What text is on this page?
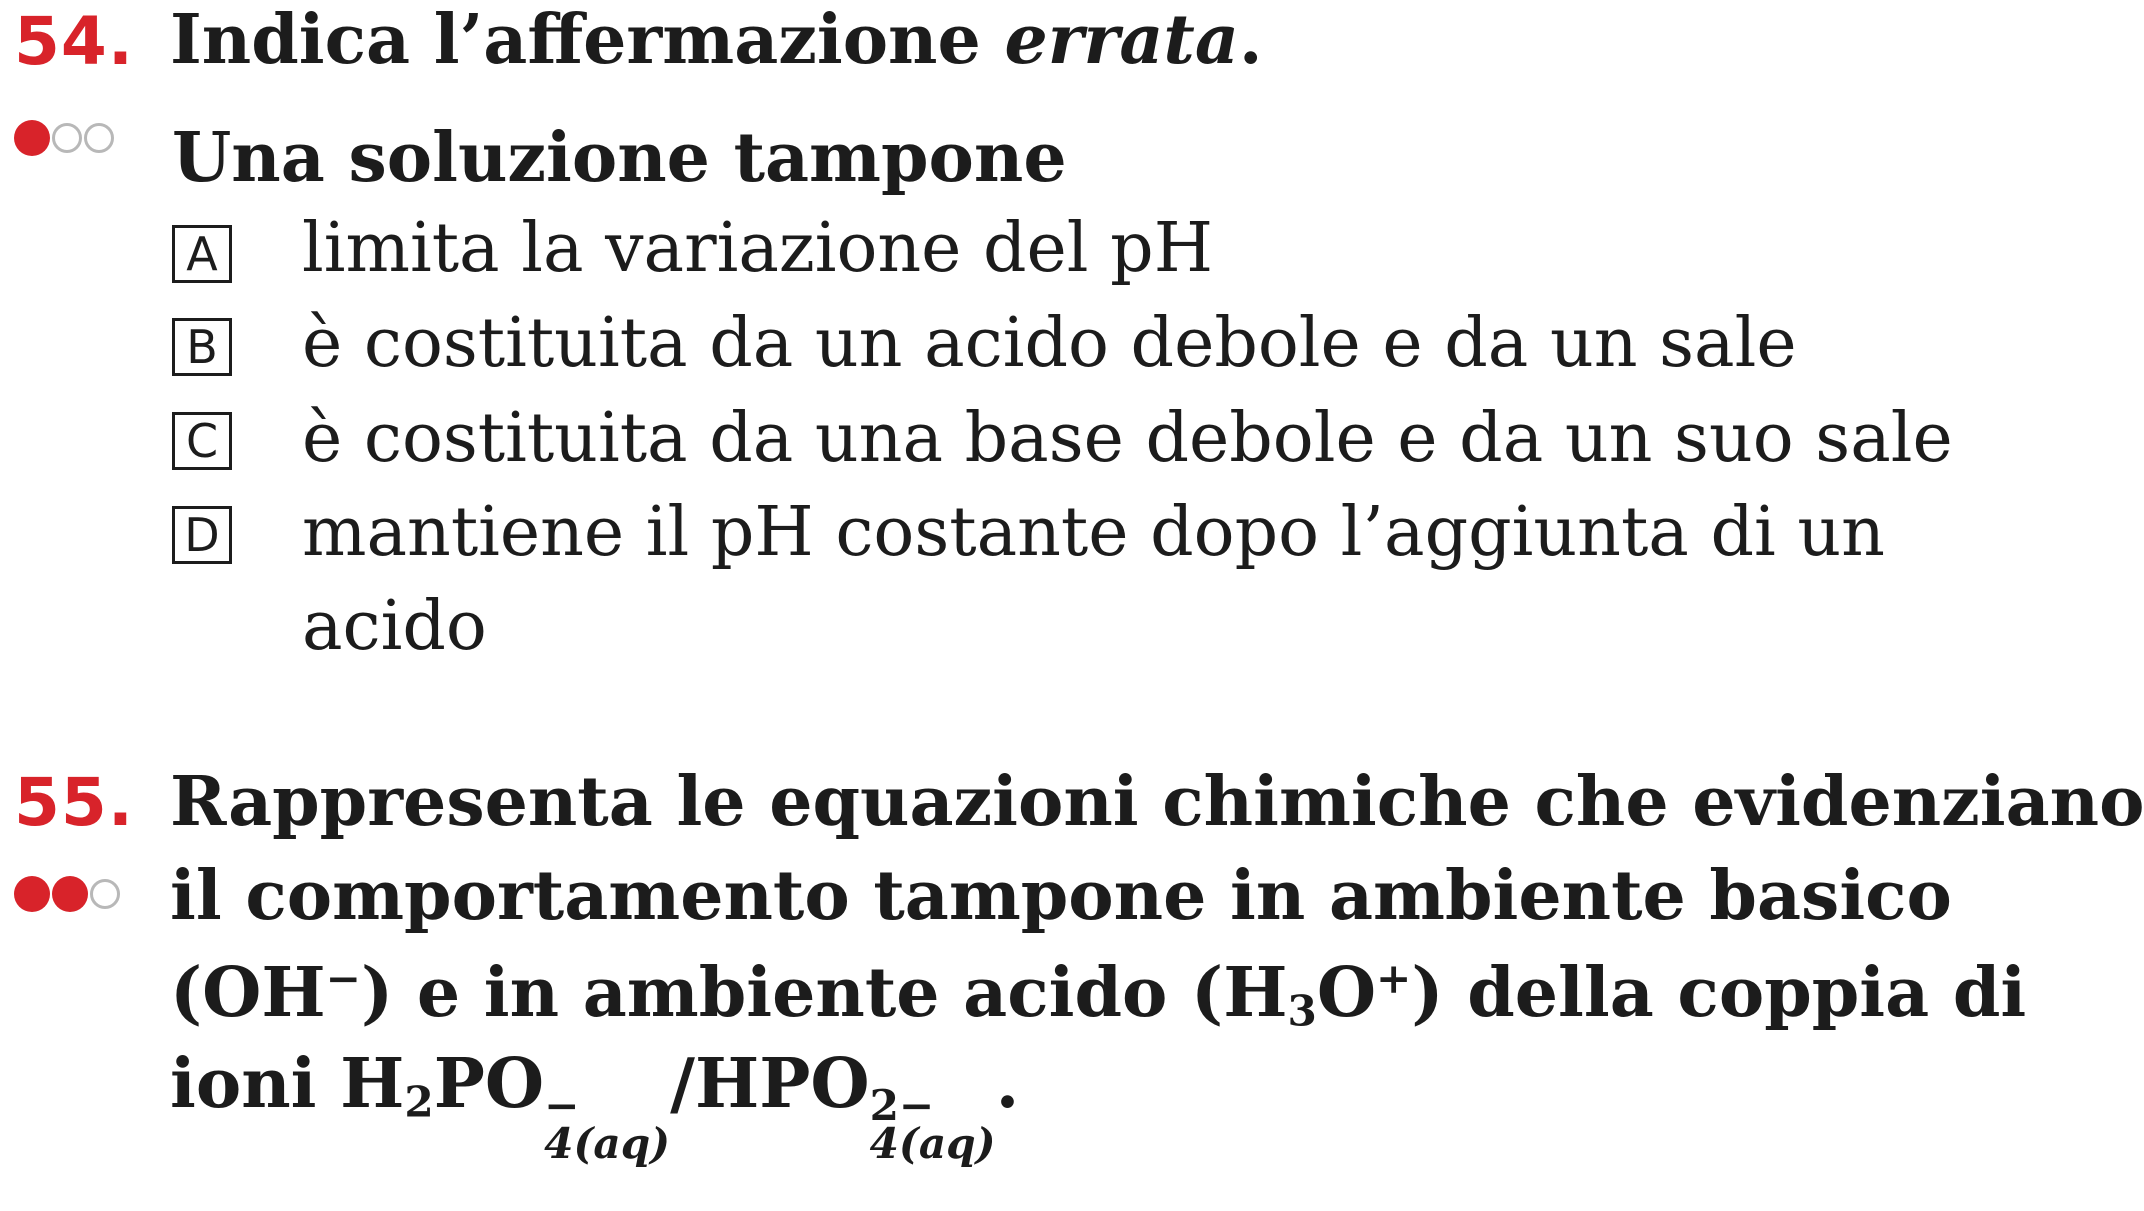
54. Indica l’affermazione errata.
Una soluzione tampone
A limita la variazione del pH
B è costituita da un acido debole e da un sale
C è costituita da una base debole e da un suo sale
D mantiene il pH costante dopo l’aggiunta di un
acido
55. Rappresenta le equazioni chimiche che evidenziano
il comportamento tampone in ambiente basico
(OH−) e in ambiente acido $(H_3O^+)$ della coppia di
ioni $H_2PO$ −
4(aq)
/HPO 2−
4(aq)
.
